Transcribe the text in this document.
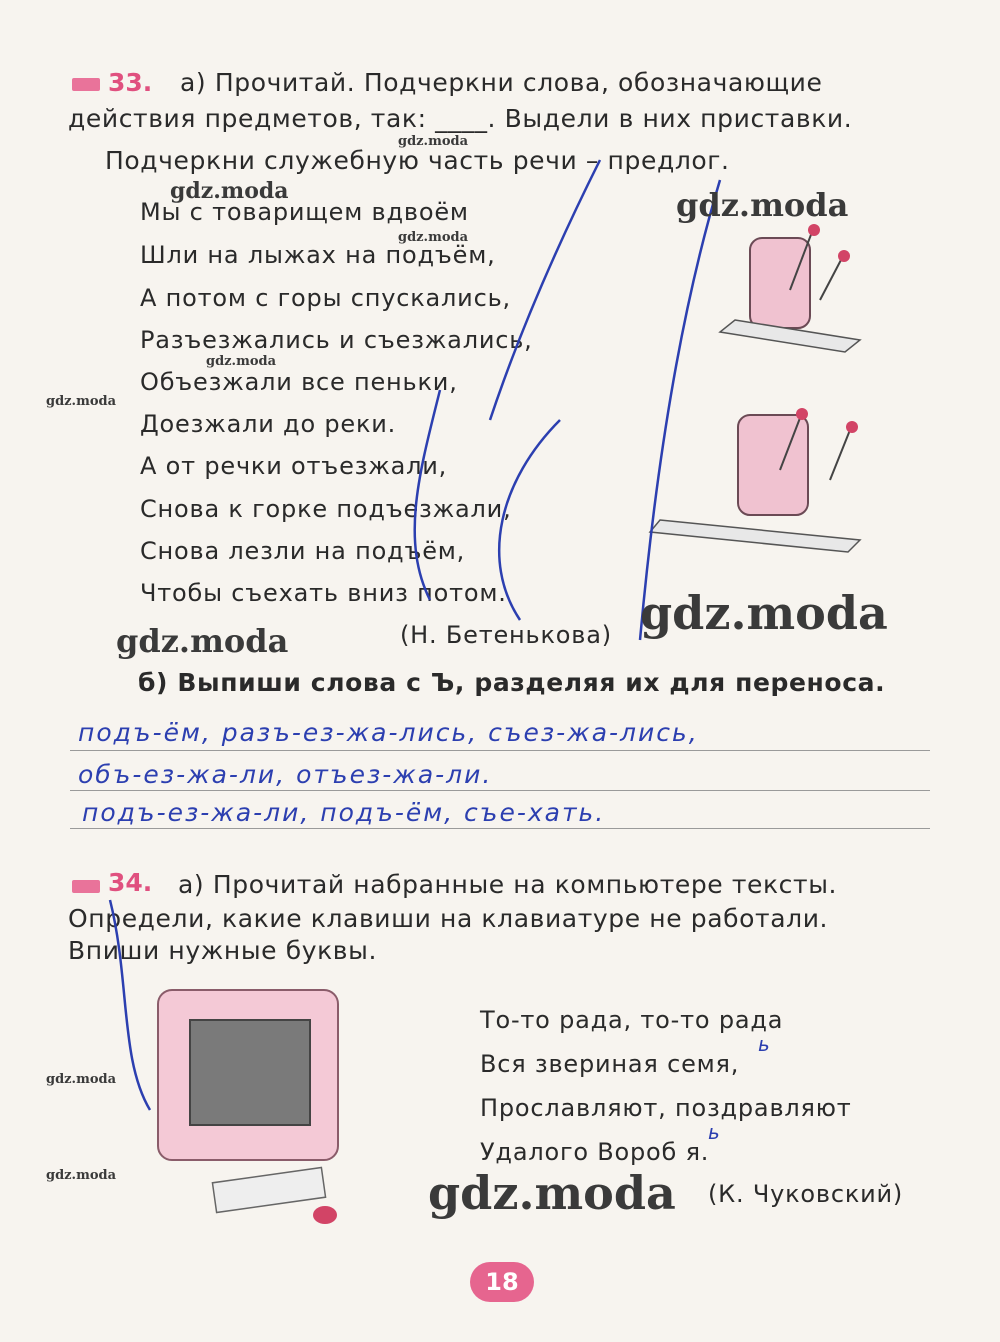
33. а) Прочитай. Подчеркни слова, обозначающие
действия предметов, так: ____. Выдели в них приставки.
Подчеркни служебную часть речи – предлог.
Мы с товарищем вдвоём
Шли на лыжах на подъём,
А потом с горы спускались,
Разъезжались и съезжались,
Объезжали все пеньки,
Доезжали до реки.
А от речки отъезжали,
Снова к горке подъезжали,
Снова лезли на подъём,
Чтобы съехать вниз потом.
(Н. Бетенькова)
б) Выпиши слова с Ъ, разделяя их для переноса.
подъ-ём, разъ-ез-жа-лись, съез-жа-лись,
объ-ез-жа-ли, отъез-жа-ли.
подъ-ез-жа-ли, подъ-ём, съе-хать.
34. а) Прочитай набранные на компьютере тексты.
Определи, какие клавиши на клавиатуре не работали.
Впиши нужные буквы.
То-то рада, то-то рада
Вся звериная семя,
Прославляют, поздравляют
Удалого Вороб я.
(К. Чуковский)
ь
ь
gdz.moda
gdz.moda	gdz.moda
gdz.moda
gdz.moda
gdz.moda
gdz.moda
gdz.moda
gdz.moda
gdz.moda	gdz.moda
18
